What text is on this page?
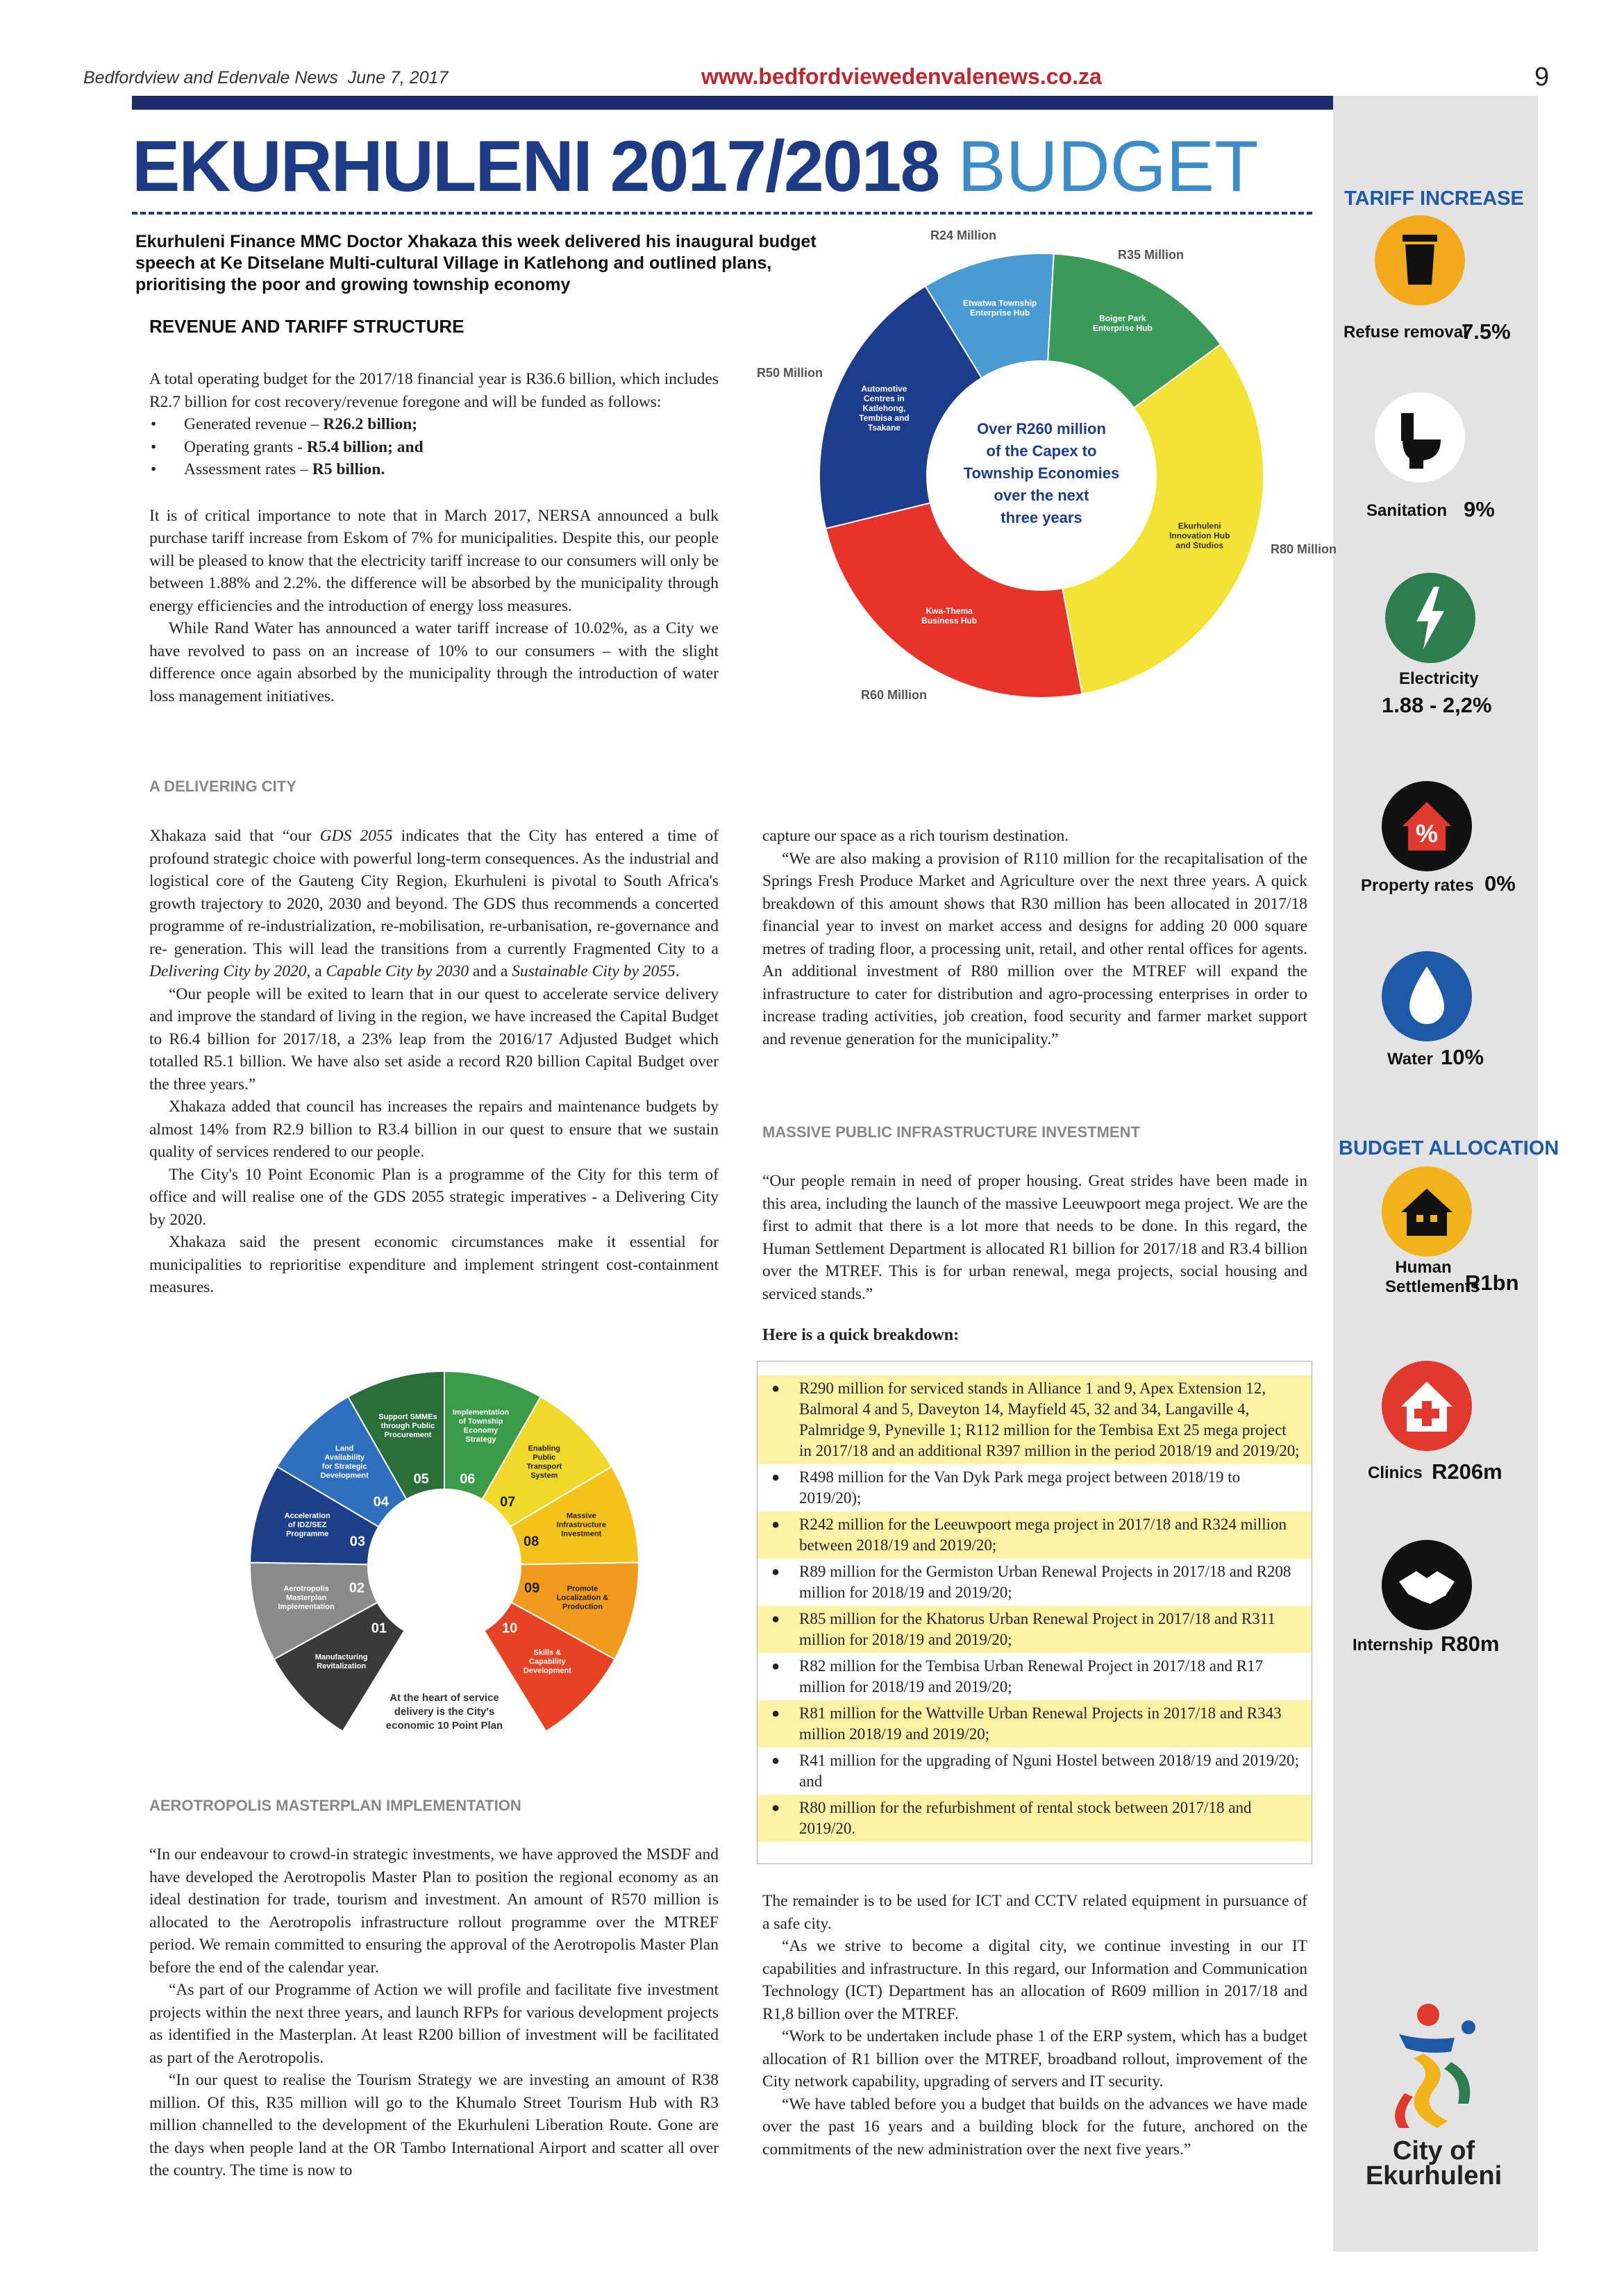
Bedfordview and Edenvale News June 7, 2017	www.bedfordviewedenvalenews.co.za	9
EKURHULENI 2017/2018 BUDGET
Ekurhuleni Finance MMC Doctor Xhakaza this week delivered his inaugural budget speech at Ke Ditselane Multi-cultural Village in Katlehong and outlined plans, prioritising the poor and growing township economy
REVENUE AND TARIFF STRUCTURE

A total operating budget for the 2017/18 financial year is R36.6 billion, which includes R2.7 billion for cost recovery/revenue foregone and will be funded as follows:

• Generated revenue – R26.2 billion;
• Operating grants - R5.4 billion; and
• Assessment rates – R5 billion.

It is of critical importance to note that in March 2017, NERSA announced a bulk purchase tariff increase from Eskom of 7% for municipalities. Despite this, our people will be pleased to know that the electricity tariff increase to our consumers will only be between 1.88% and 2.2%. the difference will be absorbed by the municipality through energy efficiencies and the introduction of energy loss measures.

While Rand Water has announced a water tariff increase of 10.02%, as a City we have revolved to pass on an increase of 10% to our consumers – with the slight difference once again absorbed by the municipality through the introduction of water loss management initiatives.

Etwatwa Township
Enterprise Hub
Boiger Park
Enterprise Hub
Ekurhuleni
Innovation Hub
and Studios
Kwa-Thema
Business Hub
Automotive
Centres in
Katlehong,
Tembisa and
Tsakane	Over R260 million
of the Capex to
Township Economies
over the next
three years
R24 Million
R35 Million
R80 Million
R60 Million
R50 Million
A DELIVERING CITY

Xhakaza said that “our GDS 2055 indicates that the City has entered a time of profound strategic choice with powerful long-term consequences. As the industrial and logistical core of the Gauteng City Region, Ekurhuleni is pivotal to South Africa's growth trajectory to 2020, 2030 and beyond. The GDS thus recommends a concerted programme of re-industrialization, re-mobilisation, re-urbanisation, re-governance and re- generation. This will lead the transitions from a currently Fragmented City to a Delivering City by 2020, a Capable City by 2030 and a Sustainable City by 2055.

“Our people will be exited to learn that in our quest to accelerate service delivery and improve the standard of living in the region, we have increased the Capital Budget to R6.4 billion for 2017/18, a 23% leap from the 2016/17 Adjusted Budget which totalled R5.1 billion. We have also set aside a record R20 billion Capital Budget over the three years.”

Xhakaza added that council has increases the repairs and maintenance budgets by almost 14% from R2.9 billion to R3.4 billion in our quest to ensure that we sustain quality of services rendered to our people.

The City's 10 Point Economic Plan is a programme of the City for this term of office and will realise one of the GDS 2055 strategic imperatives - a Delivering City by 2020.

Xhakaza said the present economic circumstances make it essential for municipalities to reprioritise expenditure and implement stringent cost-containment measures.

Manufacturing
Revitalization
01
Aerotropolis
Masterplan
Implementation
02
Acceleration
of IDZ/SEZ
Programme
03
Land
Availability
for Strategic
Development
04
Support SMMEs
through Public
Procurement
05
Implementation
of Township
Economy
Strategy
06
Enabling
Public
Transport
System
07
Massive
Infrastructure
Investment
08
Promote
Localization &
Production
09
Skills &
Capability
Development
10
At the heart of service
delivery is the City's
economic 10 Point Plan
AEROTROPOLIS MASTERPLAN IMPLEMENTATION

“In our endeavour to crowd-in strategic investments, we have approved the MSDF and have developed the Aerotropolis Master Plan to position the regional economy as an ideal destination for trade, tourism and investment. An amount of R570 million is allocated to the Aerotropolis infrastructure rollout programme over the MTREF period. We remain committed to ensuring the approval of the Aerotropolis Master Plan before the end of the calendar year.

“As part of our Programme of Action we will profile and facilitate five investment projects within the next three years, and launch RFPs for various development projects as identified in the Masterplan. At least R200 billion of investment will be facilitated as part of the Aerotropolis.

“In our quest to realise the Tourism Strategy we are investing an amount of R38 million. Of this, R35 million will go to the Khumalo Street Tourism Hub with R3 million channelled to the development of the Ekurhuleni Liberation Route. Gone are the days when people land at the OR Tambo International Airport and scatter all over the country. The time is now to

capture our space as a rich tourism destination.

“We are also making a provision of R110 million for the recapitalisation of the Springs Fresh Produce Market and Agriculture over the next three years. A quick breakdown of this amount shows that R30 million has been allocated in 2017/18 financial year to invest on market access and designs for adding 20 000 square metres of trading floor, a processing unit, retail, and other rental offices for agents. An additional investment of R80 million over the MTREF will expand the infrastructure to cater for distribution and agro-processing enterprises in order to increase trading activities, job creation, food security and farmer market support and revenue generation for the municipality.”

MASSIVE PUBLIC INFRASTRUCTURE INVESTMENT

“Our people remain in need of proper housing. Great strides have been made in this area, including the launch of the massive Leeuwpoort mega project. We are the first to admit that there is a lot more that needs to be done. In this regard, the Human Settlement Department is allocated R1 billion for 2017/18 and R3.4 billion over the MTREF. This is for urban renewal, mega projects, social housing and serviced stands.”

Here is a quick breakdown:
● R290 million for serviced stands in Alliance 1 and 9, Apex Extension 12, Balmoral 4 and 5, Daveyton 14, Mayfield 45, 32 and 34, Langaville 4, Palmridge 9, Pyneville 1; R112 million for the Tembisa Ext 25 mega project in 2017/18 and an additional R397 million in the period 2018/19 and 2019/20;
● R498 million for the Van Dyk Park mega project between 2018/19 to 2019/20);
● R242 million for the Leeuwpoort mega project in 2017/18 and R324 million between 2018/19 and 2019/20;
● R89 million for the Germiston Urban Renewal Projects in 2017/18 and R208 million for 2018/19 and 2019/20;
● R85 million for the Khatorus Urban Renewal Project in 2017/18 and R311 million for 2018/19 and 2019/20;
● R82 million for the Tembisa Urban Renewal Project in 2017/18 and R17 million for 2018/19 and 2019/20;
● R81 million for the Wattville Urban Renewal Projects in 2017/18 and R343 million 2018/19 and 2019/20;
● R41 million for the upgrading of Nguni Hostel between 2018/19 and 2019/20; and
● R80 million for the refurbishment of rental stock between 2017/18 and 2019/20.

The remainder is to be used for ICT and CCTV related equipment in pursuance of a safe city.

“As we strive to become a digital city, we continue investing in our IT capabilities and infrastructure. In this regard, our Information and Communication Technology (ICT) Department has an allocation of R609 million in 2017/18 and R1,8 billion over the MTREF.

“Work to be undertaken include phase 1 of the ERP system, which has a budget allocation of R1 billion over the MTREF, broadband rollout, improvement of the City network capability, upgrading of servers and IT security.

“We have tabled before you a budget that builds on the advances we have made over the past 16 years and a building block for the future, anchored on the commitments of the new administration over the next five years.”

TARIFF INCREASE
Refuse removal
7.5%
Sanitation 9%
Electricity
1.88 - 2,2%
%
Property rates 0%
Water 10%
BUDGET ALLOCATION
Human Settlements
R1bn
Clinics R206m
Internship R80m
City of
Ekurhuleni
